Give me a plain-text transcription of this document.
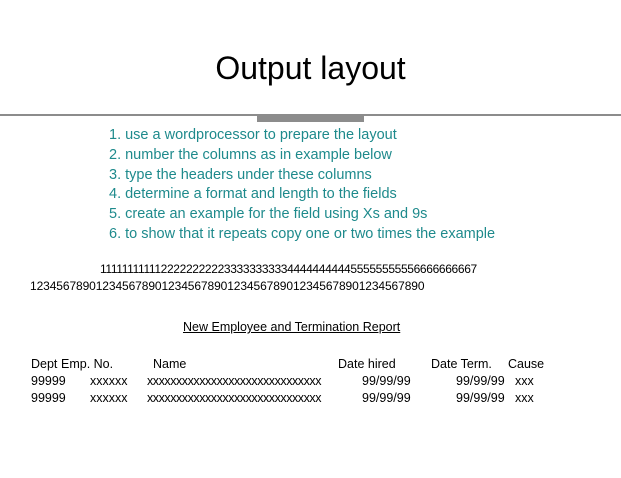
Output layout
1. use a wordprocessor to prepare the layout
2. number the columns as in example below
3. type the headers under these columns
4. determine a format and length to the fields
5. create an example for the field using Xs and 9s
6. to show that it repeats copy one or two times the example
1111111111122222222223333333333444444444455555555556666666667
123456789012345678901234567890123456789012345678901234567890
New Employee and Termination Report
Dept Emp. No.	Name	Date hired	Date Term. Cause
99999 xxxxxx xxxxxxxxxxxxxxxxxxxxxxxxxxxxxx	99/99/99	99/99/99 xxx
99999 xxxxxx xxxxxxxxxxxxxxxxxxxxxxxxxxxxxx	99/99/99	99/99/99 xxx
